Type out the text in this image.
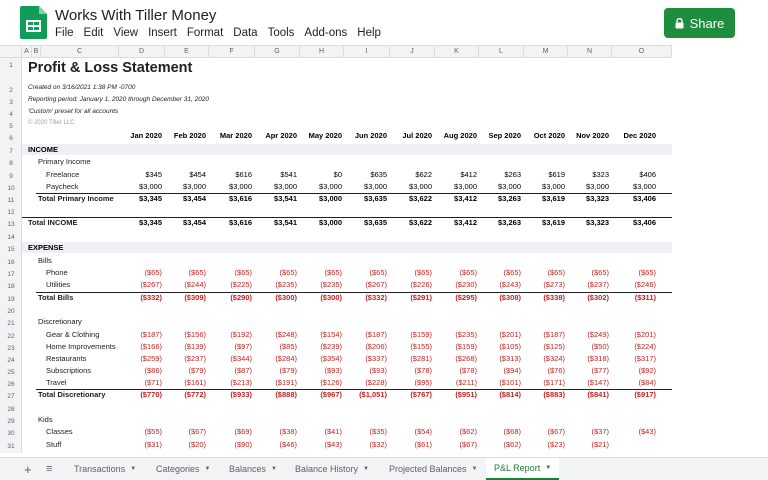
Works With Tiller Money
File Edit View Insert Format Data Tools Add-ons Help
Share
A B	C	D	E	F	G	H	I	J	K	L	M	N	O
1
2
3
4
5
6
7
8
9
10
11
12
13
14
15
16
17
18
19
20
21
22
23
24
25
26
27
28
29
30
31
Profit & Loss Statement
Created on 3/16/2021 1:38 PM -0700
Reporting period: January 1, 2020 through December 31, 2020
'Custom' preset for all accounts
© 2020 Tiller LLC
Jan 2020	Feb 2020	Mar 2020	Apr 2020	May 2020	Jun 2020	Jul 2020	Aug 2020	Sep 2020	Oct 2020	Nov 2020	Dec 2020
INCOME
Primary Income
Freelance	$345	$454	$616	$541	$0	$635	$622	$412	$263	$619	$323	$406
Paycheck	$3,000	$3,000	$3,000	$3,000	$3,000	$3,000	$3,000	$3,000	$3,000	$3,000	$3,000	$3,000
Total Primary Income	$3,345	$3,454	$3,616	$3,541	$3,000	$3,635	$3,622	$3,412	$3,263	$3,619	$3,323	$3,406
Total INCOME	$3,345	$3,454	$3,616	$3,541	$3,000	$3,635	$3,622	$3,412	$3,263	$3,619	$3,323	$3,406
EXPENSE
Bills
Phone	($65)	($65)	($65)	($65)	($65)	($65)	($65)	($65)	($65)	($65)	($65)	($65)
Utilities	($267)	($244)	($225)	($235)	($235)	($267)	($226)	($230)	($243)	($273)	($237)	($246)
Total Bills	($332)	($309)	($290)	($300)	($300)	($332)	($291)	($295)	($308)	($338)	($302)	($311)
Discretionary
Gear & Clothing	($187)	($156)	($192)	($248)	($154)	($187)	($159)	($235)	($201)	($187)	($249)	($201)
Home Improvements	($166)	($139)	($97)	($85)	($239)	($206)	($155)	($159)	($105)	($125)	($50)	($224)
Restaurants	($259)	($237)	($344)	($284)	($354)	($337)	($281)	($268)	($313)	($324)	($318)	($317)
Subscriptions	($86)	($79)	($87)	($79)	($93)	($93)	($78)	($78)	($94)	($76)	($77)	($92)
Travel	($71)	($161)	($213)	($191)	($126)	($228)	($95)	($211)	($101)	($171)	($147)	($84)
Total Discretionary	($770)	($772)	($933)	($888)	($967)	($1,051)	($767)	($951)	($814)	($883)	($841)	($917)
Kids
Classes	($55)	($67)	($69)	($38)	($41)	($35)	($54)	($62)	($68)	($67)	($37)	($43)
Stuff	($31)	($20)	($90)	($46)	($43)	($32)	($61)	($67)	($62)	($23)	($21)
+	≡	Transactions ▼ Categories ▼ Balances ▼ Balance History ▼ Projected Balances ▼ P&L Report ▼
